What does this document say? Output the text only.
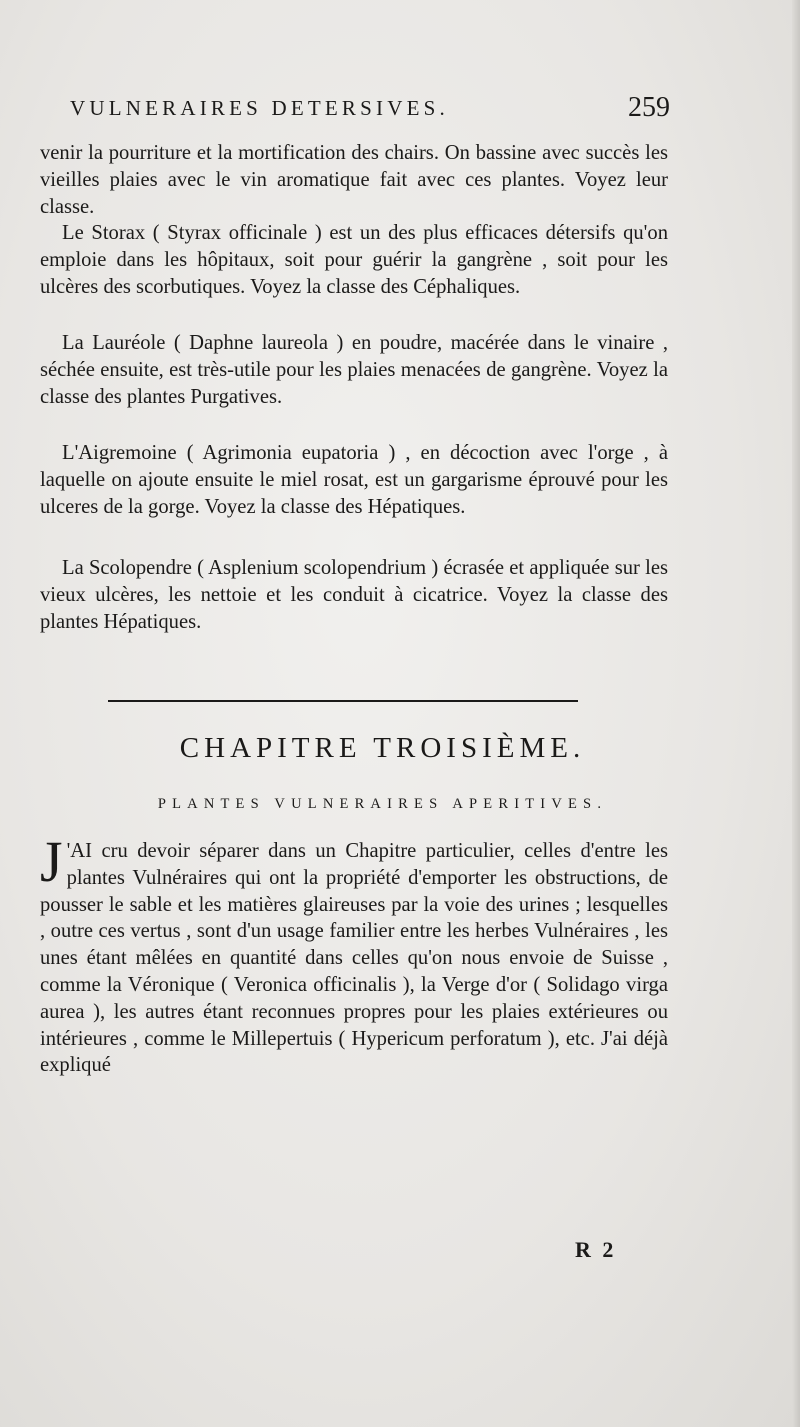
VULNERAIRES DETERSIVES.	259

venir la pourriture et la mortification des chairs. On bassine avec succès les vieilles plaies avec le vin aromatique fait avec ces plantes. Voyez leur classe.

Le Storax ( Styrax officinale ) est un des plus efficaces détersifs qu'on emploie dans les hôpitaux, soit pour guérir la gangrène , soit pour les ulcères des scorbutiques. Voyez la classe des Céphaliques.

La Lauréole ( Daphne laureola ) en poudre, macérée dans le vinaire , séchée ensuite, est très-utile pour les plaies menacées de gangrène. Voyez la classe des plantes Purgatives.

L'Aigremoine ( Agrimonia eupatoria ) , en décoction avec l'orge , à laquelle on ajoute ensuite le miel rosat, est un gargarisme éprouvé pour les ulceres de la gorge. Voyez la classe des Hépatiques.

La Scolopendre ( Asplenium scolopendrium ) écrasée et appliquée sur les vieux ulcères, les nettoie et les conduit à cicatrice. Voyez la classe des plantes Hépatiques.

CHAPITRE TROISIÈME.
PLANTES VULNERAIRES APERITIVES.
J 'AI cru devoir séparer dans un Chapitre particulier, celles d'entre les plantes Vulnéraires qui ont la propriété d'emporter les obstructions, de pousser le sable et les matières glaireuses par la voie des urines ; lesquelles , outre ces vertus , sont d'un usage familier entre les herbes Vulnéraires , les unes étant mêlées en quantité dans celles qu'on nous envoie de Suisse , comme la Véronique ( Veronica officinalis ), la Verge d'or ( Solidago virga aurea ), les autres étant reconnues propres pour les plaies extérieures ou intérieures , comme le Millepertuis ( Hypericum perforatum ), etc. J'ai déjà expliqué
R 2
